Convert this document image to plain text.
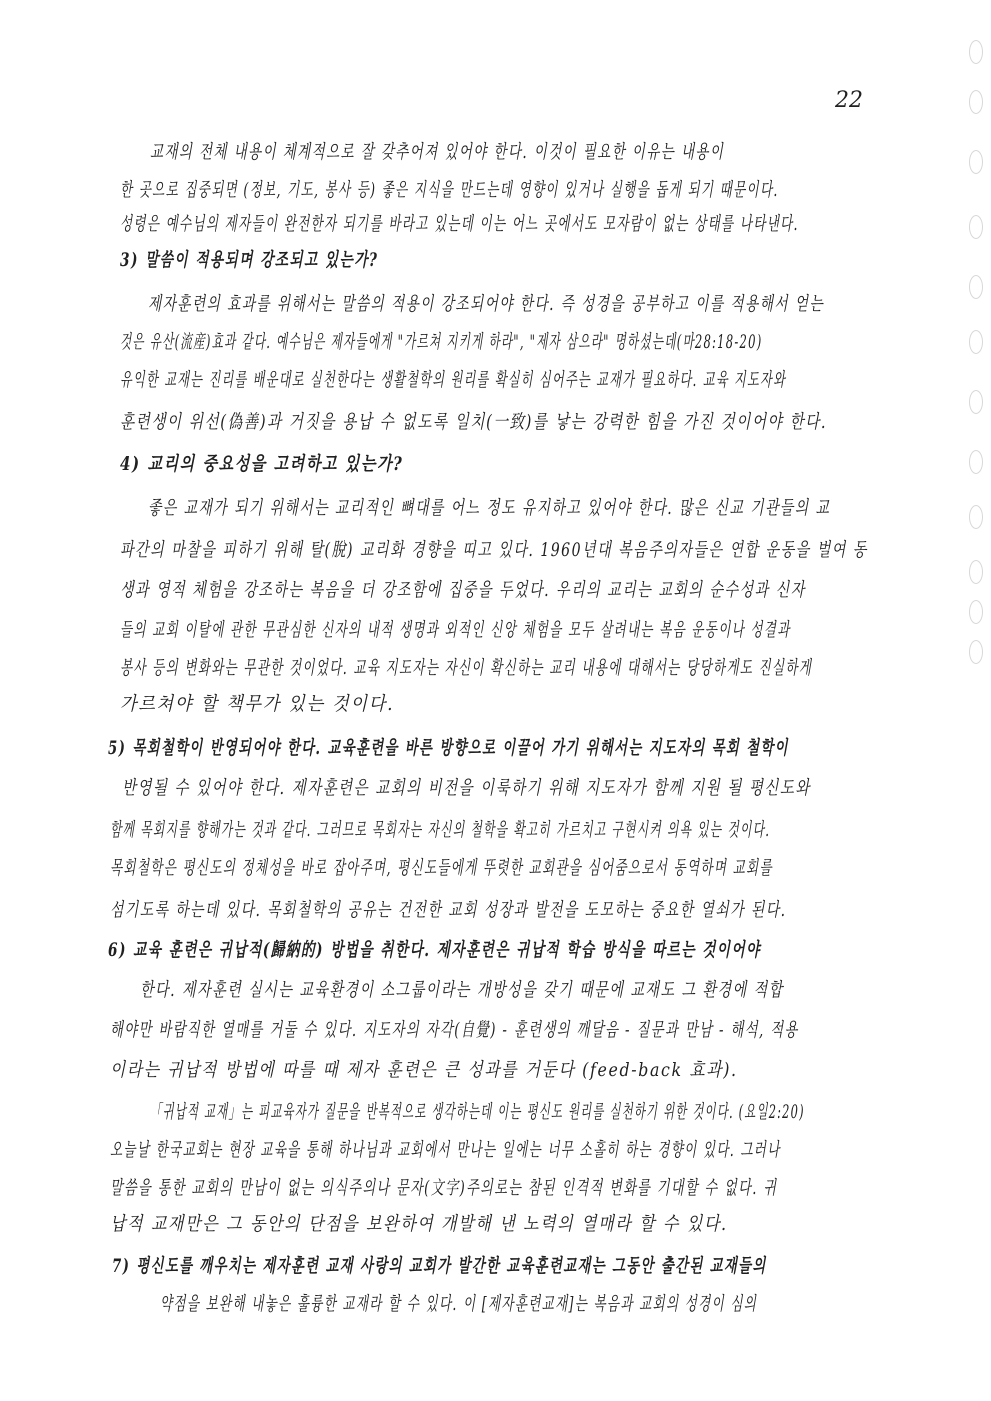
22
교재의 전체 내용이 체계적으로 잘 갖추어져 있어야 한다. 이것이 필요한 이유는 내용이
한 곳으로 집중되면 (정보, 기도, 봉사 등) 좋은 지식을 만드는데 영향이 있거나 실행을 돕게 되기 때문이다.
성령은 예수님의 제자들이 완전한자 되기를 바라고 있는데 이는 어느 곳에서도 모자람이 없는 상태를 나타낸다.
3) 말씀이 적용되며 강조되고 있는가?
제자훈련의 효과를 위해서는 말씀의 적용이 강조되어야 한다. 즉 성경을 공부하고 이를 적용해서 얻는
것은 유산(流産)효과 같다. 예수님은 제자들에게 "가르쳐 지키게 하라", "제자 삼으라" 명하셨는데(마28:18-20)
유익한 교재는 진리를 배운대로 실천한다는 생활철학의 원리를 확실히 심어주는 교재가 필요하다. 교육 지도자와
훈련생이 위선(偽善)과 거짓을 용납 수 없도록 일치(一致)를 낳는 강력한 힘을 가진 것이어야 한다.
4) 교리의 중요성을 고려하고 있는가?
좋은 교재가 되기 위해서는 교리적인 뼈대를 어느 정도 유지하고 있어야 한다. 많은 신교 기관들의 교
파간의 마찰을 피하기 위해 탈(脫) 교리화 경향을 띠고 있다. 1960년대 복음주의자들은 연합 운동을 벌여 동
생과 영적 체험을 강조하는 복음을 더 강조함에 집중을 두었다. 우리의 교리는 교회의 순수성과 신자
들의 교회 이탈에 관한 무관심한 신자의 내적 생명과 외적인 신앙 체험을 모두 살려내는 복음 운동이나 성결과
봉사 등의 변화와는 무관한 것이었다. 교육 지도자는 자신이 확신하는 교리 내용에 대해서는 당당하게도 진실하게
가르쳐야 할 책무가 있는 것이다.
5) 목회철학이 반영되어야 한다. 교육훈련을 바른 방향으로 이끌어 가기 위해서는 지도자의 목회 철학이
반영될 수 있어야 한다. 제자훈련은 교회의 비전을 이룩하기 위해 지도자가 함께 지원 될 평신도와
함께 목회지를 향해가는 것과 같다. 그러므로 목회자는 자신의 철학을 확고히 가르치고 구현시켜 의욕 있는 것이다.
목회철학은 평신도의 정체성을 바로 잡아주며, 평신도들에게 뚜렷한 교회관을 심어줌으로서 동역하며 교회를
섬기도록 하는데 있다. 목회철학의 공유는 건전한 교회 성장과 발전을 도모하는 중요한 열쇠가 된다.
6) 교육 훈련은 귀납적(歸納的) 방법을 취한다. 제자훈련은 귀납적 학습 방식을 따르는 것이어야
한다. 제자훈련 실시는 교육환경이 소그룹이라는 개방성을 갖기 때문에 교재도 그 환경에 적합
해야만 바람직한 열매를 거둘 수 있다. 지도자의 자각(自覺) - 훈련생의 깨달음 - 질문과 만남 - 해석, 적용
이라는 귀납적 방법에 따를 때 제자 훈련은 큰 성과를 거둔다 (feed-back 효과).
「귀납적 교재」는 피교육자가 질문을 반복적으로 생각하는데 이는 평신도 원리를 실천하기 위한 것이다. (요일2:20)
오늘날 한국교회는 현장 교육을 통해 하나님과 교회에서 만나는 일에는 너무 소홀히 하는 경향이 있다. 그러나
말씀을 통한 교회의 만남이 없는 의식주의나 문자(文字)주의로는 참된 인격적 변화를 기대할 수 없다. 귀
납적 교재만은 그 동안의 단점을 보완하여 개발해 낸 노력의 열매라 할 수 있다.
7) 평신도를 깨우치는 제자훈련 교재 사랑의 교회가 발간한 교육훈련교재는 그동안 출간된 교재들의
약점을 보완해 내놓은 훌륭한 교재라 할 수 있다. 이 [제자훈련교재]는 복음과 교회의 성경이 심의
